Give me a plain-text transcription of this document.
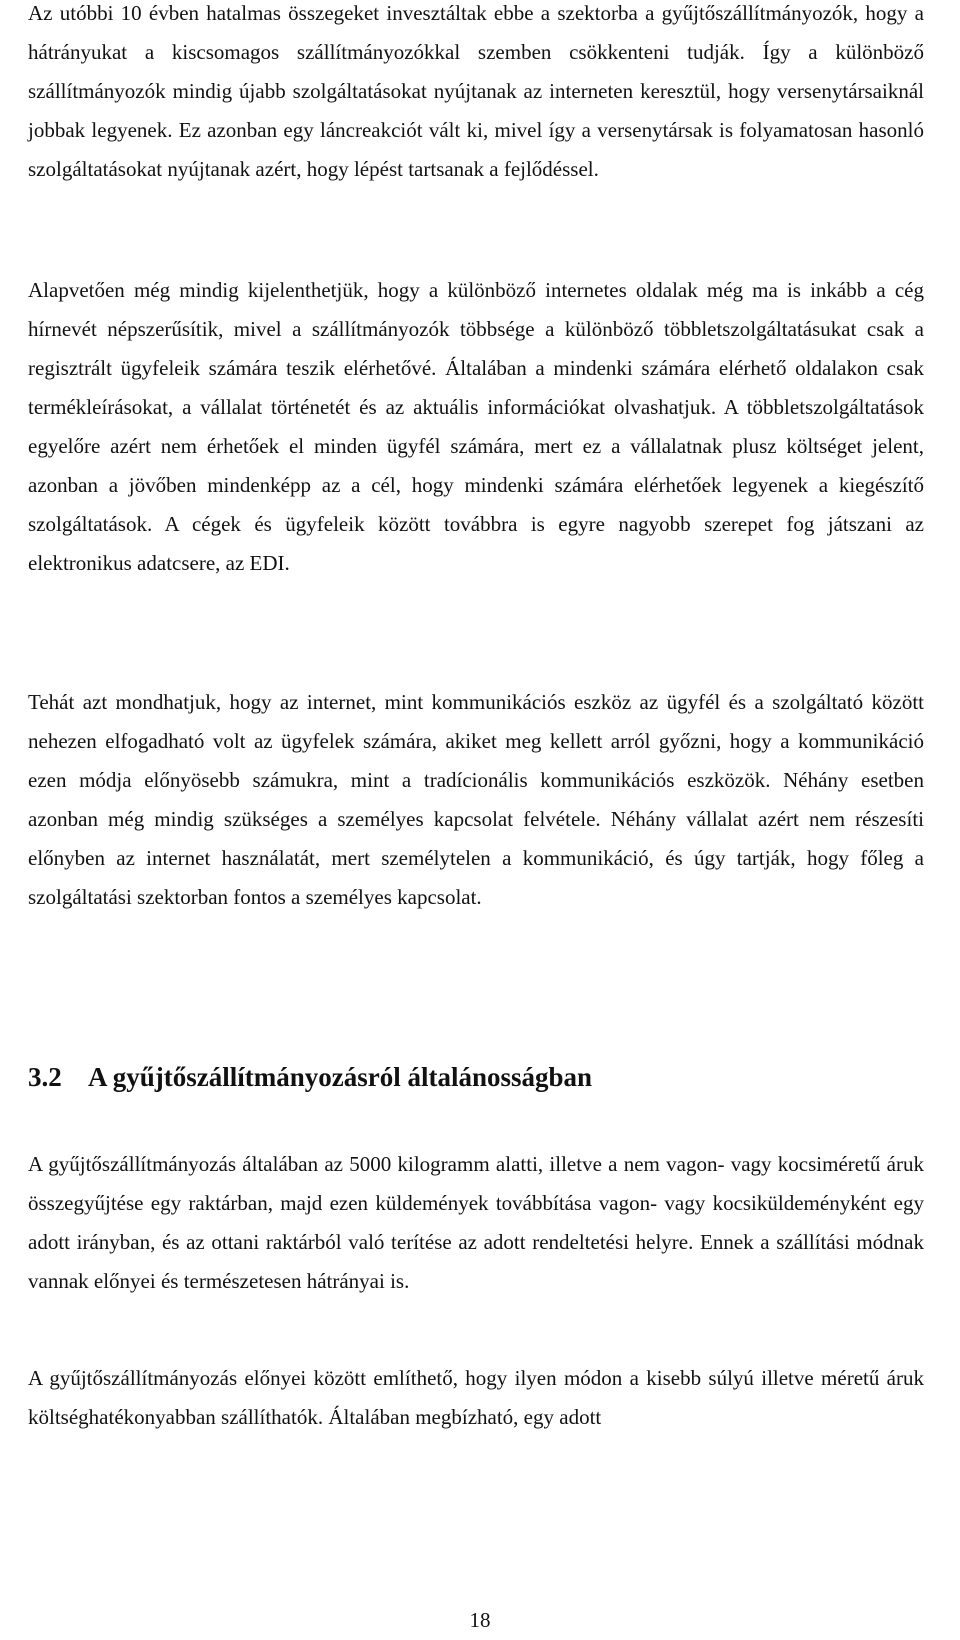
Az utóbbi 10 évben hatalmas összegeket invesztáltak ebbe a szektorba a gyűjtőszállítmányozók, hogy a hátrányukat a kiscsomagos szállítmányozókkal szemben csökkenteni tudják. Így a különböző szállítmányozók mindig újabb szolgáltatásokat nyújtanak az interneten keresztül, hogy versenytársaiknál jobbak legyenek. Ez azonban egy láncreakciót vált ki, mivel így a versenytársak is folyamatosan hasonló szolgáltatásokat nyújtanak azért, hogy lépést tartsanak a fejlődéssel.

Alapvetően még mindig kijelenthetjük, hogy a különböző internetes oldalak még ma is inkább a cég hírnevét népszerűsítik, mivel a szállítmányozók többsége a különböző többletszolgáltatásukat csak a regisztrált ügyfeleik számára teszik elérhetővé. Általában a mindenki számára elérhető oldalakon csak termékleírásokat, a vállalat történetét és az aktuális információkat olvashatjuk. A többletszolgáltatások egyelőre azért nem érhetőek el minden ügyfél számára, mert ez a vállalatnak plusz költséget jelent, azonban a jövőben mindenképp az a cél, hogy mindenki számára elérhetőek legyenek a kiegészítő szolgáltatások. A cégek és ügyfeleik között továbbra is egyre nagyobb szerepet fog játszani az elektronikus adatcsere, az EDI.

Tehát azt mondhatjuk, hogy az internet, mint kommunikációs eszköz az ügyfél és a szolgáltató között nehezen elfogadható volt az ügyfelek számára, akiket meg kellett arról győzni, hogy a kommunikáció ezen módja előnyösebb számukra, mint a tradícionális kommunikációs eszközök. Néhány esetben azonban még mindig szükséges a személyes kapcsolat felvétele. Néhány vállalat azért nem részesíti előnyben az internet használatát, mert személytelen a kommunikáció, és úgy tartják, hogy főleg a szolgáltatási szektorban fontos a személyes kapcsolat.

3.2 A gyűjtőszállítmányozásról általánosságban

A gyűjtőszállítmányozás általában az 5000 kilogramm alatti, illetve a nem vagon- vagy kocsiméretű áruk összegyűjtése egy raktárban, majd ezen küldemények továbbítása vagon- vagy kocsiküldeményként egy adott irányban, és az ottani raktárból való terítése az adott rendeltetési helyre. Ennek a szállítási módnak vannak előnyei és természetesen hátrányai is.

A gyűjtőszállítmányozás előnyei között említhető, hogy ilyen módon a kisebb súlyú illetve méretű áruk költséghatékonyabban szállíthatók. Általában megbízható, egy adott

18
